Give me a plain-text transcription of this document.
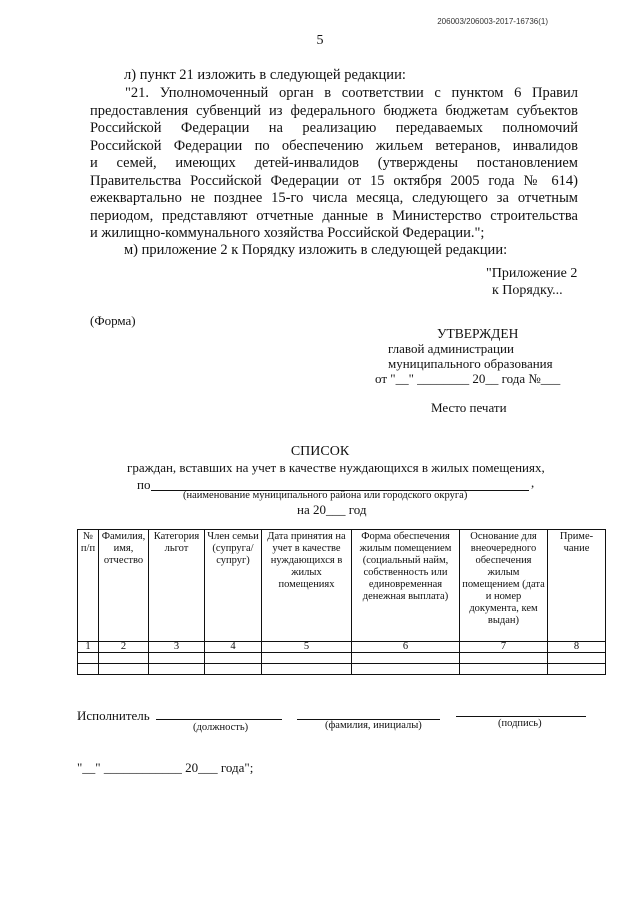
206003/206003-2017-16736(1)
5
л) пункт 21 изложить в следующей редакции:
"21. Уполномоченный орган в соответствии с пунктом 6 Правил
предоставления субвенций из федерального бюджета бюджетам субъектов
Российской Федерации на реализацию передаваемых полномочий
Российской Федерации по обеспечению жильем ветеранов, инвалидов
и семей, имеющих детей-инвалидов (утверждены постановлением
Правительства Российской Федерации от 15 октября 2005 года № 614)
ежеквартально не позднее 15-го числа месяца, следующего за отчетным
периодом, представляют отчетные данные в Министерство строительства
и жилищно-коммунального хозяйства Российской Федерации.";
м) приложение 2 к Порядку изложить в следующей редакции:
"Приложение 2
к Порядку...
(Форма)
УТВЕРЖДЕН
главой администрации
муниципального образования
от "__" ________ 20__ года №___
Место печати
СПИСОК
граждан, вставших на учет в качестве нуждающихся в жилых помещениях,
по	,
(наименование муниципального района или городского округа)
на 20___ год
№ п/п	Фамилия, имя, отчество	Категория льгот	Член семьи (супруга/ супруг)	Дата принятия на учет в качестве нуждающихся в жилых помещениях	Форма обеспечения жилым помещением (социальный найм, собственность или единовременная денежная выплата)	Основание для внеочередного обеспечения жилым помещением (дата и номер документа, кем выдан)	Приме- чание
1	2	3	4	5	6	7	8

Исполнитель
(должность)	(фамилия, инициалы)	(подпись)
"__" ____________ 20___ года";
